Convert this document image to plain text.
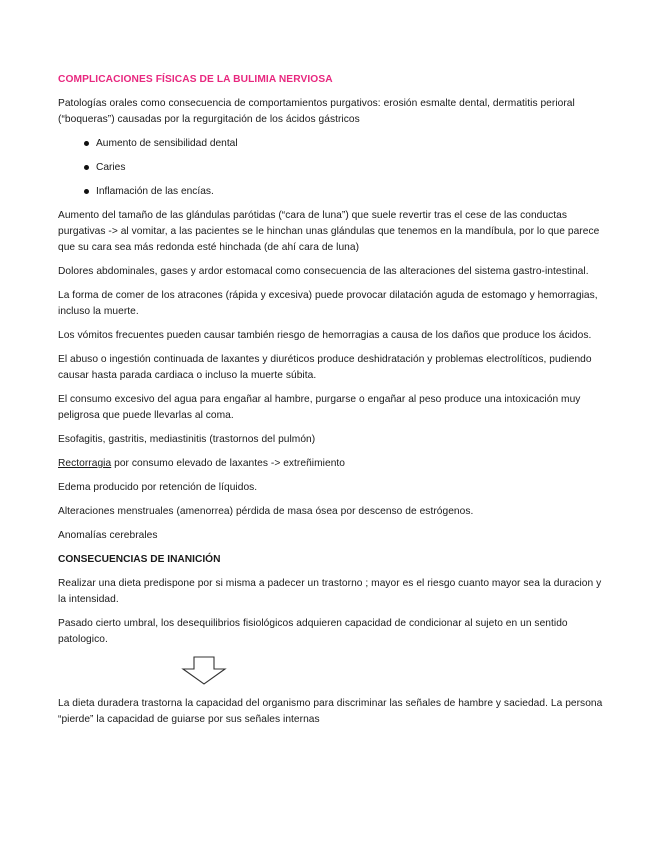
COMPLICACIONES FÍSICAS DE LA BULIMIA NERVIOSA
Patologías orales como consecuencia de comportamientos purgativos: erosión esmalte dental, dermatitis perioral (“boqueras”) causadas por la regurgitación de los ácidos gástricos
Aumento de sensibilidad dental
Caries
Inflamación de las encías.
Aumento del tamaño de las glándulas parótidas (“cara de luna”) que suele revertir tras el cese de las conductas purgativas -> al vomitar, a las pacientes se le hinchan unas glándulas que tenemos en la mandíbula, por lo que parece que su cara sea más redonda esté hinchada (de ahí cara de luna)
Dolores abdominales, gases y ardor estomacal como consecuencia de las alteraciones del sistema gastro-intestinal.
La forma de comer de los atracones (rápida y excesiva) puede provocar dilatación aguda de estomago y hemorragias, incluso la muerte.
Los vómitos frecuentes pueden causar también riesgo de hemorragias a causa de los daños que produce los ácidos.
El abuso o ingestión continuada de laxantes y diuréticos produce deshidratación y problemas electrolíticos, pudiendo causar hasta parada cardiaca o incluso la muerte súbita.
El consumo excesivo del agua para engañar al hambre, purgarse o engañar al peso produce una intoxicación muy peligrosa que puede llevarlas al coma.
Esofagitis, gastritis, mediastinitis (trastornos del pulmón)
Rectorragia por consumo elevado de laxantes -> extreñimiento
Edema producido por retención de líquidos.
Alteraciones menstruales (amenorrea) pérdida de masa ósea por descenso de estrógenos.
Anomalías cerebrales
CONSECUENCIAS DE INANICIÓN
Realizar una dieta predispone por si misma a padecer un trastorno ; mayor es el riesgo cuanto mayor sea la duracion y la intensidad.
Pasado cierto umbral, los desequilibrios fisiológicos adquieren capacidad de condicionar al sujeto en un sentido patologico.
La dieta duradera trastorna la capacidad del organismo para discriminar las señales de hambre y saciedad. La persona “pierde” la capacidad de guiarse por sus señales internas
